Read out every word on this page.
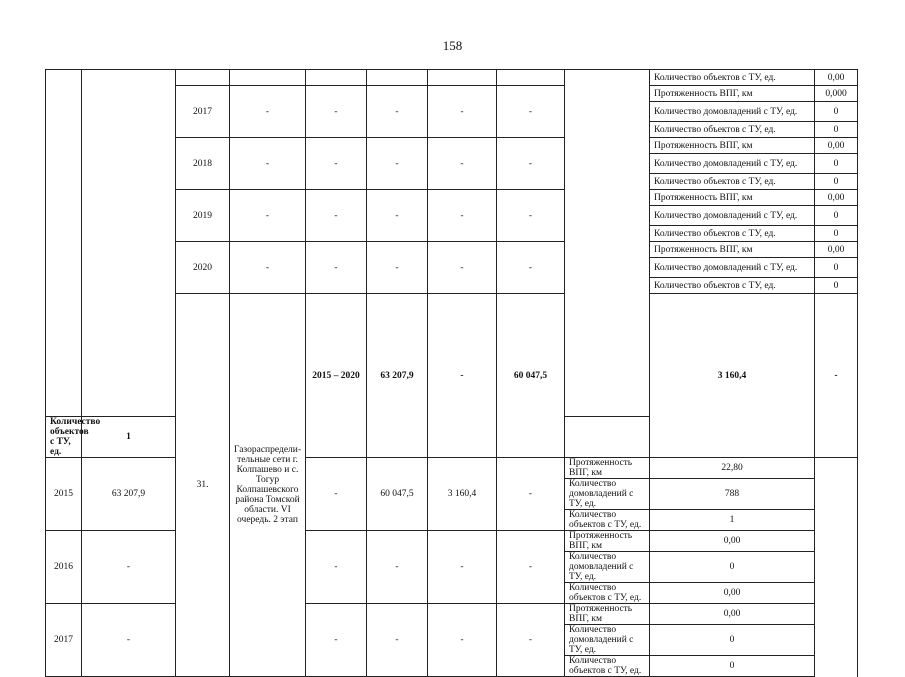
158
									Количество объектов с ТУ, ед.	0,00	
		2017	-	-	-	-	-		Протяженность ВПГ, км	0,000	
									Количество домовладений с ТУ, ед.	0	
									Количество объектов с ТУ, ед.	0	
		2018	-	-	-	-	-		Протяженность ВПГ, км	0,00	
									Количество домовладений с ТУ, ед.	0	
									Количество объектов с ТУ, ед.	0	
		2019	-	-	-	-	-		Протяженность ВПГ, км	0,00	
									Количество домовладений с ТУ, ед.	0	
									Количество объектов с ТУ, ед.	0	
		2020	-	-	-	-	-		Протяженность ВПГ, км	0,00	
									Количество домовладений с ТУ, ед.	0	
									Количество объектов с ТУ, ед.	0	
		31.	Газораспредели-тельные сети г. Колпашево и с. Тогур Колпашевского района Томской области. VI очередь. 2 этап	2015 – 2020	63 207,9	-	60 047,5		3 160,4	-			

Количество объектов с ТУ, ед.	1										
2015	63 207,9			-	60 047,5	3 160,4	-	Протяженность ВПГ, км	22,80		
								Количество домовладений с ТУ, ед.	788		
								Количество объектов с ТУ, ед.	1		
2016	-			-	-	-	-	Протяженность ВПГ, км	0,00		
								Количество домовладений с ТУ, ед.	0		
								Количество объектов с ТУ, ед.	0,00		
2017	-			-	-	-	-	Протяженность ВПГ, км	0,00		
								Количество домовладений с ТУ, ед.	0		
								Количество объектов с ТУ, ед.	0		
